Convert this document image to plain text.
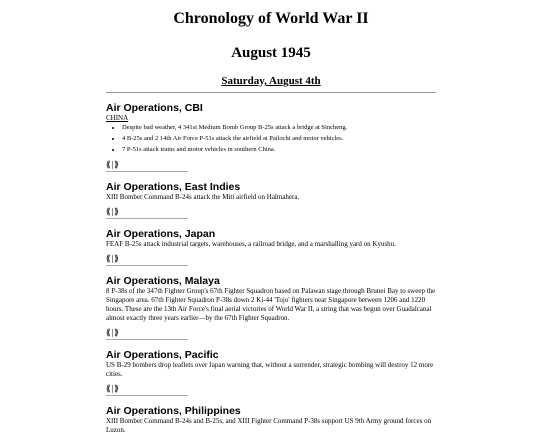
Chronology of World War II
August 1945
Saturday, August 4th
Air Operations, CBI
CHINA
• Despite bad weather, 4 341st Medium Bomb Group B-25s attack a bridge at Sincheng.
• 4 B-25s and 2 14th Air Force P-51s attack the airfield at Pailochi and motor vehicles.
• 7 P-51s attack trains and motor vehicles in southern China.
⟪|⟫
Air Operations, East Indies

XIII Bomber Command B-24s attack the Miti airfield on Halmahera.

⟪|⟫
Air Operations, Japan

FEAF B-25s attack industrial targets, warehouses, a railroad bridge, and a marshalling yard on Kyushu.

⟪|⟫
Air Operations, Malaya

8 P-38s of the 347th Fighter Group's 67th Fighter Squadron based on Palawan stage through Brunei Bay to sweep the Singapore area. 67th Fighter Squadron P-38s down 2 Ki-44 'Tojo' fighters near Singapore between 1206 and 1220 hours. These are the 13th Air Force's final aerial victories of World War II, a string that was begun over Guadalcanal almost exactly three years earlier—by the 67th Fighter Squadron.

⟪|⟫
Air Operations, Pacific

US B-29 bombers drop leaflets over Japan warning that, without a surrender, strategic bombing will destroy 12 more cities.

⟪|⟫
Air Operations, Philippines

XIII Bomber Command B-24s and B-25s, and XIII Fighter Command P-38s support US 9th Army ground forces on Luzon.
